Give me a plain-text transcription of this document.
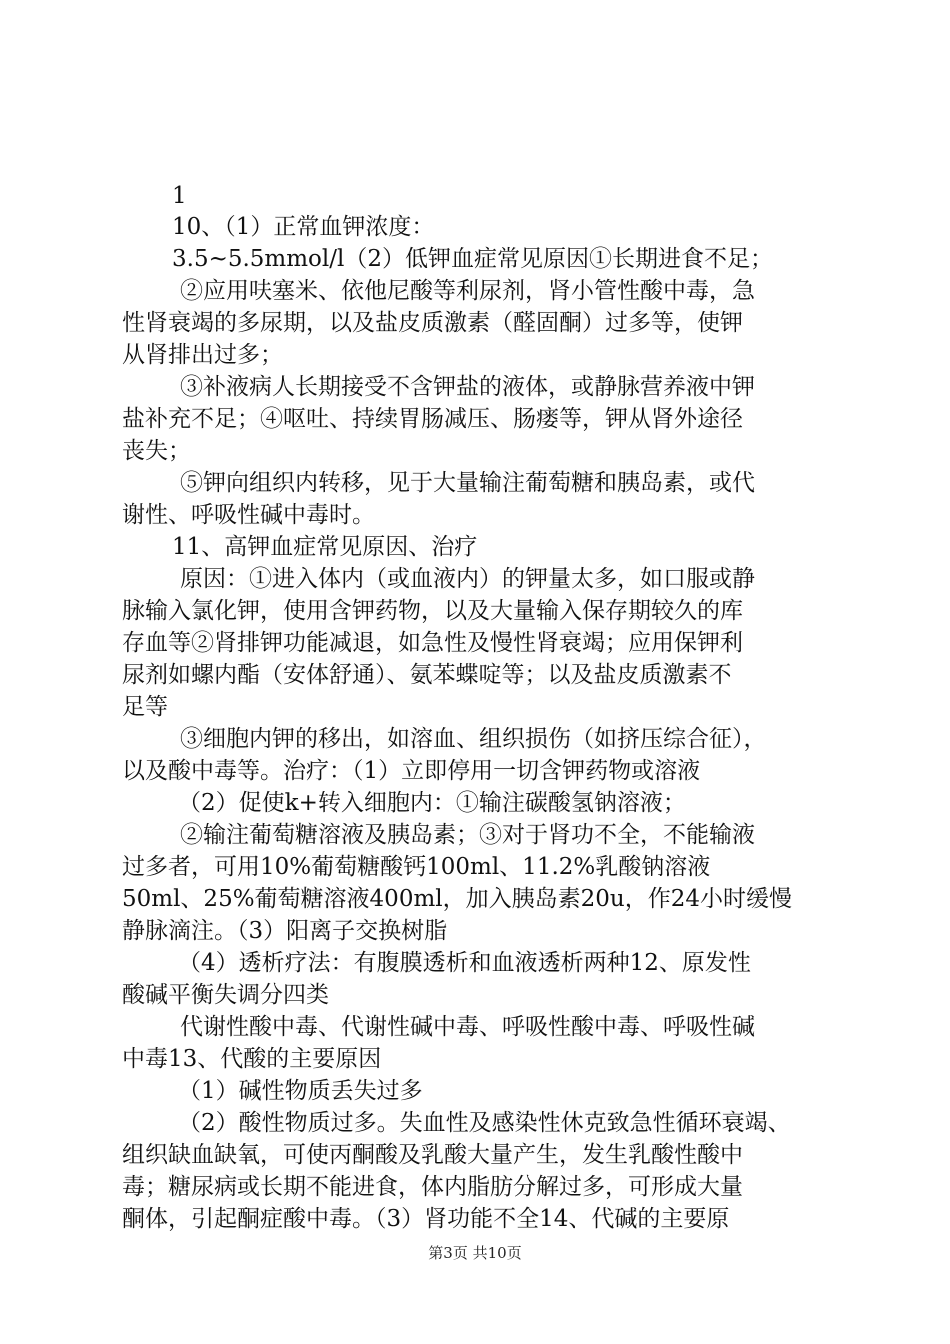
1
10、（1）正常血钾浓度：
3.5~5.5mmol/l（2）低钾血症常见原因①长期进食不足；
②应用呋塞米、依他尼酸等利尿剂，肾小管性酸中毒，急
性肾衰竭的多尿期，以及盐皮质激素（醛固酮）过多等，使钾
从肾排出过多；
③补液病人长期接受不含钾盐的液体，或静脉营养液中钾
盐补充不足；④呕吐、持续胃肠减压、肠瘘等，钾从肾外途径
丧失；
⑤钾向组织内转移，见于大量输注葡萄糖和胰岛素，或代
谢性、呼吸性碱中毒时。
11、高钾血症常见原因、治疗
原因：①进入体内（或血液内）的钾量太多，如口服或静
脉输入氯化钾，使用含钾药物，以及大量输入保存期较久的库
存血等②肾排钾功能减退，如急性及慢性肾衰竭；应用保钾利
尿剂如螺内酯（安体舒通）、氨苯蝶啶等；以及盐皮质激素不
足等
③细胞内钾的移出，如溶血、组织损伤（如挤压综合征），
以及酸中毒等。治疗：（1）立即停用一切含钾药物或溶液
（2）促使k+转入细胞内：①输注碳酸氢钠溶液；
②输注葡萄糖溶液及胰岛素；③对于肾功不全，不能输液
过多者，可用10%葡萄糖酸钙100ml、11.2%乳酸钠溶液
50ml、25%葡萄糖溶液400ml，加入胰岛素20u，作24小时缓慢
静脉滴注。（3）阳离子交换树脂
（4）透析疗法：有腹膜透析和血液透析两种12、原发性
酸碱平衡失调分四类
代谢性酸中毒、代谢性碱中毒、呼吸性酸中毒、呼吸性碱
中毒13、代酸的主要原因
（1）碱性物质丢失过多
（2）酸性物质过多。失血性及感染性休克致急性循环衰竭、
组织缺血缺氧，可使丙酮酸及乳酸大量产生，发生乳酸性酸中
毒；糖尿病或长期不能进食，体内脂肪分解过多，可形成大量
酮体，引起酮症酸中毒。（3）肾功能不全14、代碱的主要原
第3页 共10页
